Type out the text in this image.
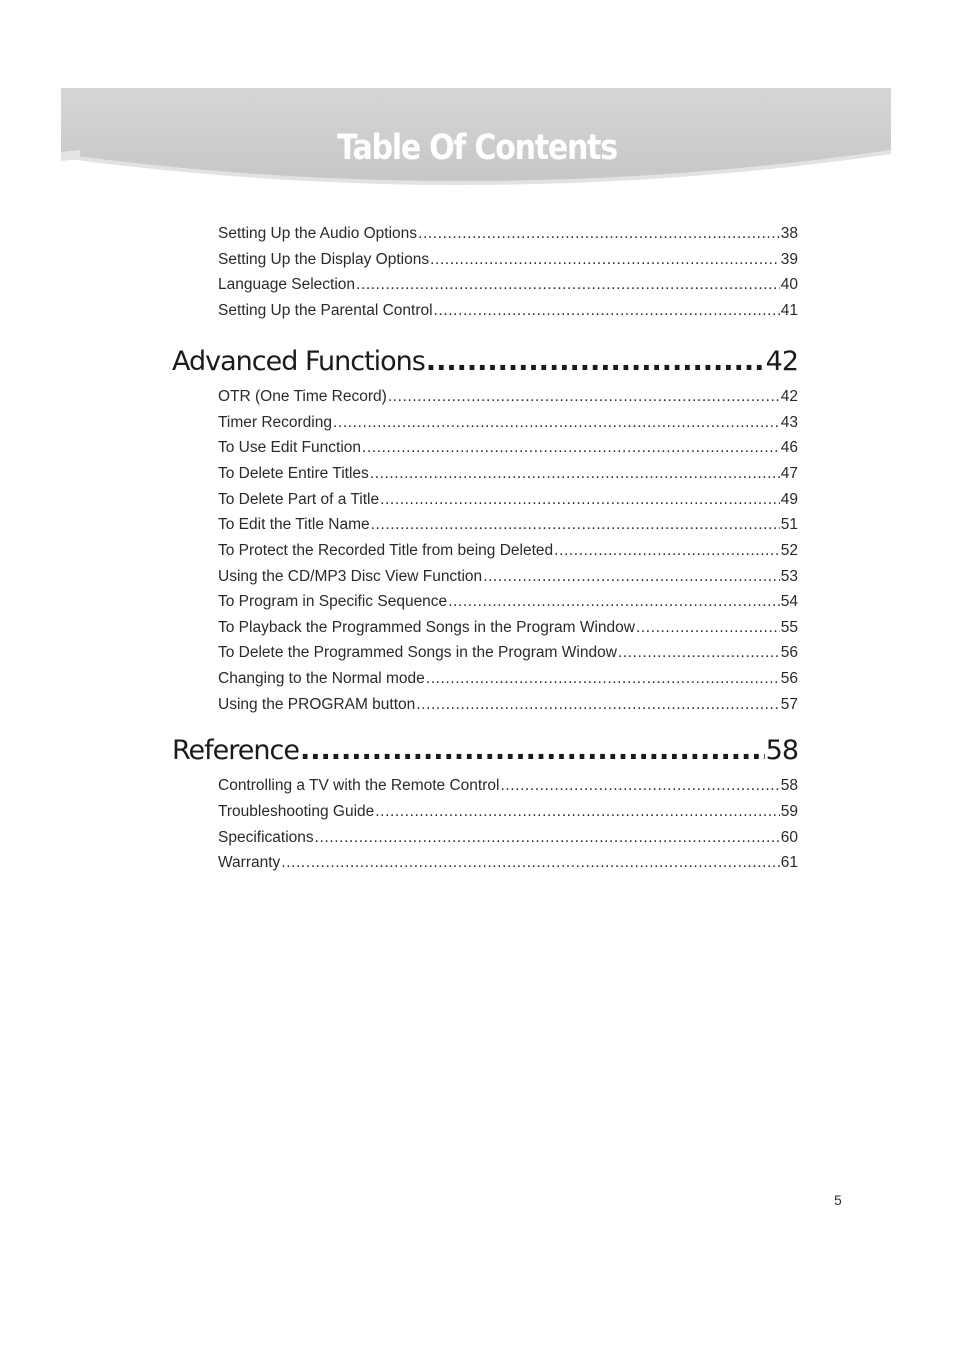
Table Of Contents
Setting Up the Audio Options .....	38
Setting Up the Display Options .....	39
Language Selection .....	40
Setting Up the Parental Control .....	41
Advanced Functions .....	42
OTR (One Time Record) .....	42
Timer Recording .....	43
To Use Edit Function .....	46
To Delete Entire Titles .....	47
To Delete Part of a Title .....	49
To Edit the Title Name .....	51
To Protect the Recorded Title from being Deleted .....	52
Using the CD/MP3 Disc View Function .....	53
To Program in Specific Sequence .....	54
To Playback the Programmed Songs in the Program Window .....	55
To Delete the Programmed Songs in the Program Window .....	56
Changing to the Normal mode .....	56
Using the PROGRAM button .....	57
Reference .....	58
Controlling a TV with the Remote Control .....	58
Troubleshooting Guide .....	59
Specifications .....	60
Warranty .....	61
5
